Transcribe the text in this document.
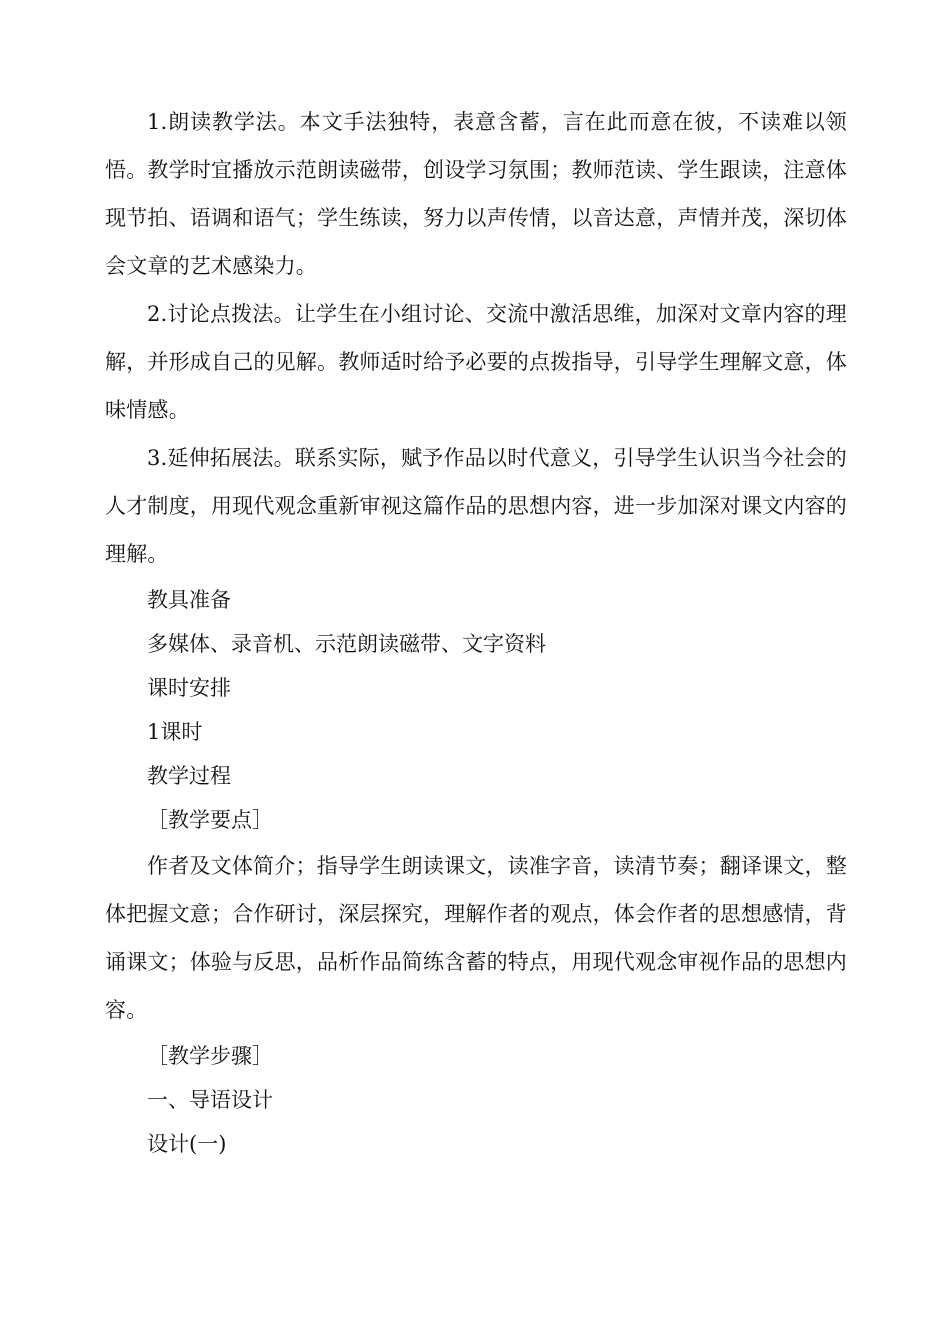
1.朗读教学法。本文手法独特，表意含蓄，言在此而意在彼，不读难以领悟。教学时宜播放示范朗读磁带，创设学习氛围；教师范读、学生跟读，注意体现节拍、语调和语气；学生练读，努力以声传情，以音达意，声情并茂，深切体会文章的艺术感染力。

2.讨论点拨法。让学生在小组讨论、交流中激活思维，加深对文章内容的理解，并形成自己的见解。教师适时给予必要的点拨指导，引导学生理解文意，体味情感。

3.延伸拓展法。联系实际，赋予作品以时代意义，引导学生认识当今社会的人才制度，用现代观念重新审视这篇作品的思想内容，进一步加深对课文内容的理解。

教具准备

多媒体、录音机、示范朗读磁带、文字资料

课时安排

1课时

教学过程

［教学要点］

作者及文体简介；指导学生朗读课文，读准字音，读清节奏；翻译课文，整体把握文意；合作研讨，深层探究，理解作者的观点，体会作者的思想感情，背诵课文；体验与反思，品析作品简练含蓄的特点，用现代观念审视作品的思想内容。

［教学步骤］

一、导语设计

设计(一)
